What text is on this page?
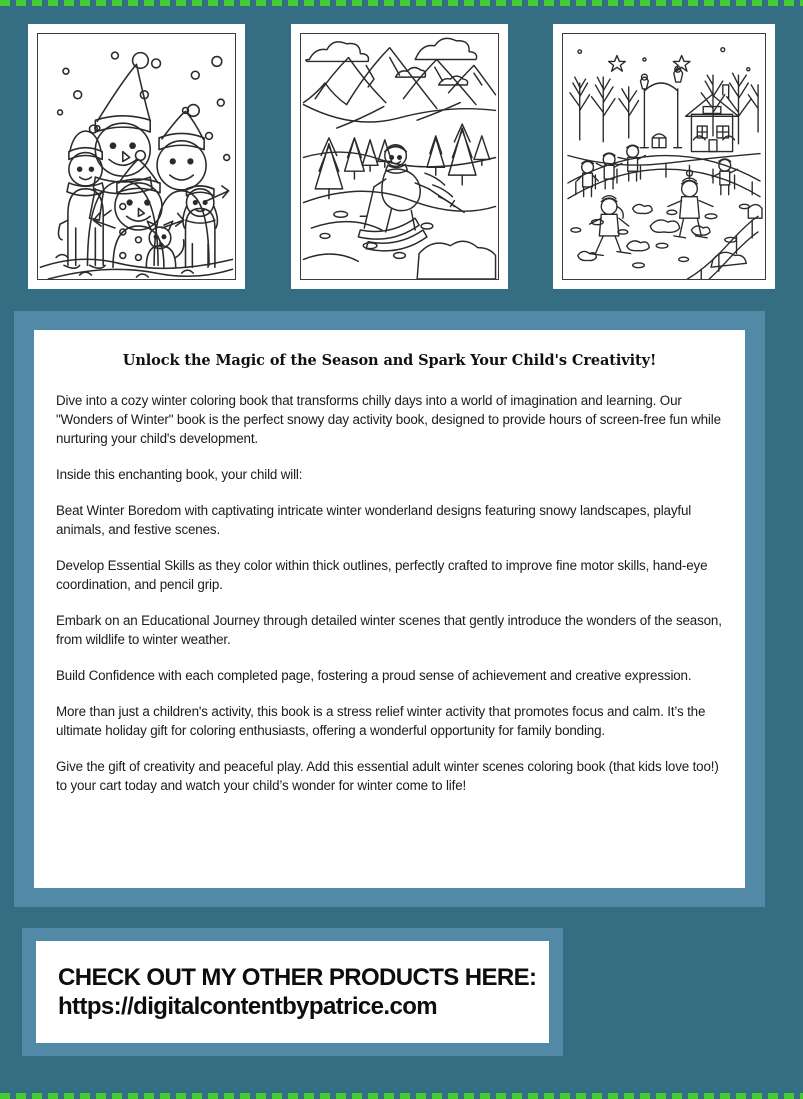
Unlock the Magic of the Season and Spark Your Child's Creativity!

Dive into a cozy winter coloring book that transforms chilly days into a world of imagination and learning. Our "Wonders of Winter" book is the perfect snowy day activity book, designed to provide hours of screen-free fun while nurturing your child's development.

Inside this enchanting book, your child will:

Beat Winter Boredom with captivating intricate winter wonderland designs featuring snowy landscapes, playful animals, and festive scenes.

Develop Essential Skills as they color within thick outlines, perfectly crafted to improve fine motor skills, hand-eye coordination, and pencil grip.

Embark on an Educational Journey through detailed winter scenes that gently introduce the wonders of the season, from wildlife to winter weather.

Build Confidence with each completed page, fostering a proud sense of achievement and creative expression.

More than just a children's activity, this book is a stress relief winter activity that promotes focus and calm. It’s the ultimate holiday gift for coloring enthusiasts, offering a wonderful opportunity for family bonding.

Give the gift of creativity and peaceful play. Add this essential adult winter scenes coloring book (that kids love too!) to your cart today and watch your child’s wonder for winter come to life!

CHECK OUT MY OTHER PRODUCTS HERE:
https://digitalcontentbypatrice.com
